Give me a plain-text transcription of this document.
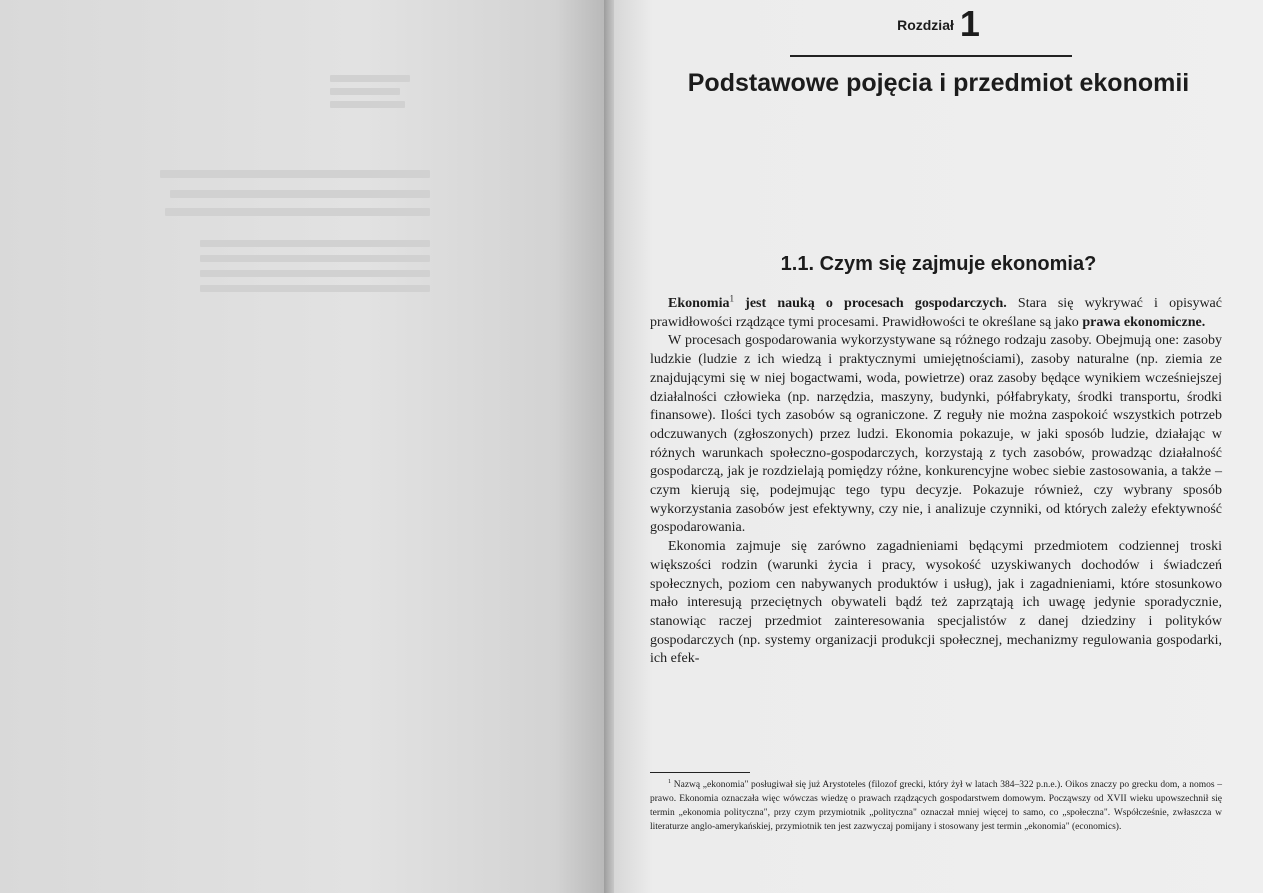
Rozdział 1
Podstawowe pojęcia i przedmiot ekonomii
1.1. Czym się zajmuje ekonomia?

Ekonomia$^1$ jest nauką o procesach gospodarczych. Stara się wykrywać i opisywać prawidłowości rządzące tymi procesami. Prawidłowości te określane są jako prawa ekonomiczne.

W procesach gospodarowania wykorzystywane są różnego rodzaju zasoby. Obejmują one: zasoby ludzkie (ludzie z ich wiedzą i praktycznymi umiejętnościami), zasoby naturalne (np. ziemia ze znajdującymi się w niej bogactwami, woda, powietrze) oraz zasoby będące wynikiem wcześniejszej działalności człowieka (np. narzędzia, maszyny, budynki, półfabrykaty, środki transportu, środki finansowe). Ilości tych zasobów są ograniczone. Z reguły nie można zaspokoić wszystkich potrzeb odczuwanych (zgłoszonych) przez ludzi. Ekonomia pokazuje, w jaki sposób ludzie, działając w różnych warunkach społeczno-gospodarczych, korzystają z tych zasobów, prowadząc działalność gospodarczą, jak je rozdzielają pomiędzy różne, konkurencyjne wobec siebie zastosowania, a także – czym kierują się, podejmując tego typu decyzje. Pokazuje również, czy wybrany sposób wykorzystania zasobów jest efektywny, czy nie, i analizuje czynniki, od których zależy efektywność gospodarowania.

Ekonomia zajmuje się zarówno zagadnieniami będącymi przedmiotem codziennej troski większości rodzin (warunki życia i pracy, wysokość uzyskiwanych dochodów i świadczeń społecznych, poziom cen nabywanych produktów i usług), jak i zagadnieniami, które stosunkowo mało interesują przeciętnych obywateli bądź też zaprzątają ich uwagę jedynie sporadycznie, stanowiąc raczej przedmiot zainteresowania specjalistów z danej dziedziny i polityków gospodarczych (np. systemy organizacji produkcji społecznej, mechanizmy regulowania gospodarki, ich efek-

$^1$ Nazwą „ekonomia" posługiwał się już Arystoteles (filozof grecki, który żył w latach 384–322 p.n.e.). Oikos znaczy po grecku dom, a nomos – prawo. Ekonomia oznaczała więc wówczas wiedzę o prawach rządzących gospodarstwem domowym. Począwszy od XVII wieku upowszechnił się termin „ekonomia polityczna", przy czym przymiotnik „polityczna" oznaczał mniej więcej to samo, co „społeczna". Współcześnie, zwłaszcza w literaturze anglo-amerykańskiej, przymiotnik ten jest zazwyczaj pomijany i stosowany jest termin „ekonomia" (economics).
